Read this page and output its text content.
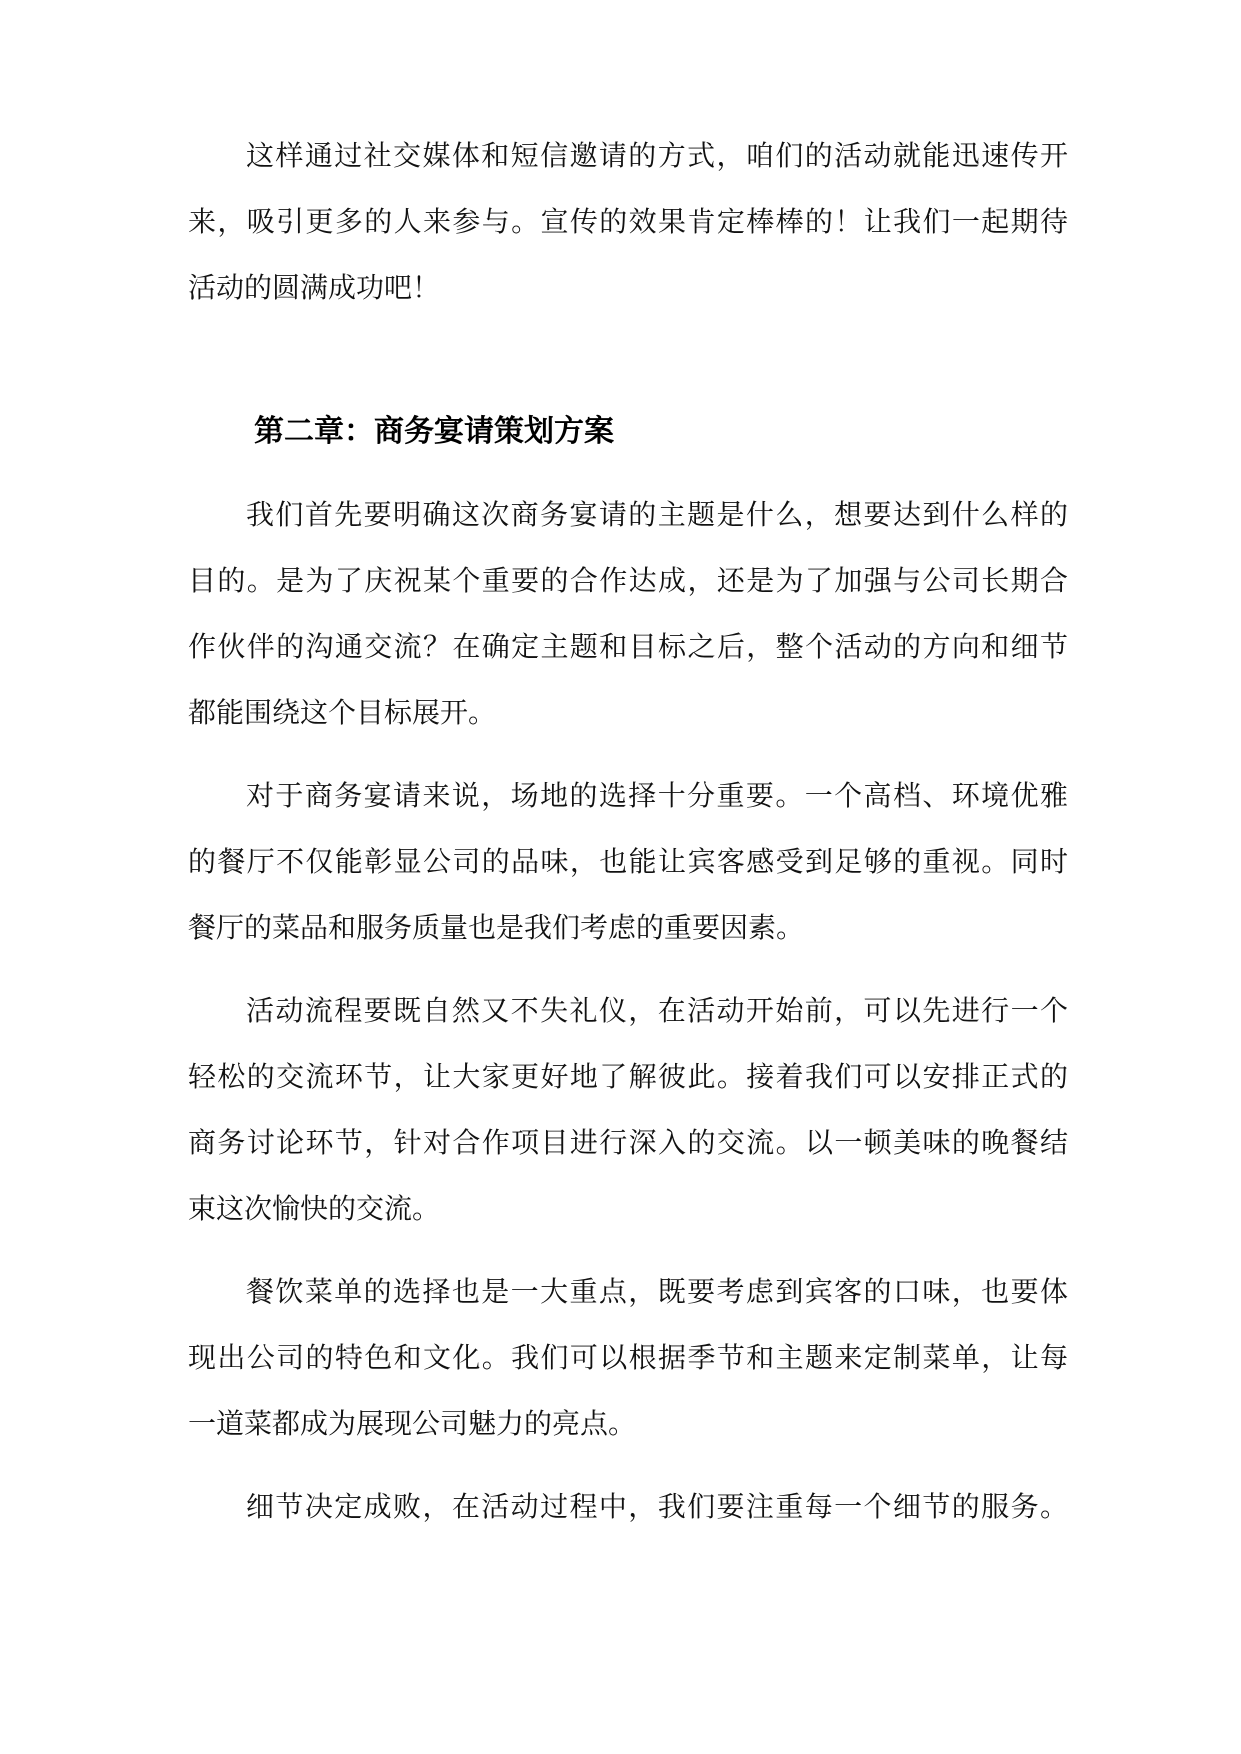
这样通过社交媒体和短信邀请的方式，咱们的活动就能迅速传开
来，吸引更多的人来参与。宣传的效果肯定棒棒的！让我们一起期待
活动的圆满成功吧！
第二章：商务宴请策划方案
我们首先要明确这次商务宴请的主题是什么，想要达到什么样的
目的。是为了庆祝某个重要的合作达成，还是为了加强与公司长期合
作伙伴的沟通交流？在确定主题和目标之后，整个活动的方向和细节
都能围绕这个目标展开。
对于商务宴请来说，场地的选择十分重要。一个高档、环境优雅
的餐厅不仅能彰显公司的品味，也能让宾客感受到足够的重视。同时
餐厅的菜品和服务质量也是我们考虑的重要因素。
活动流程要既自然又不失礼仪，在活动开始前，可以先进行一个
轻松的交流环节，让大家更好地了解彼此。接着我们可以安排正式的
商务讨论环节，针对合作项目进行深入的交流。以一顿美味的晚餐结
束这次愉快的交流。
餐饮菜单的选择也是一大重点，既要考虑到宾客的口味，也要体
现出公司的特色和文化。我们可以根据季节和主题来定制菜单，让每
一道菜都成为展现公司魅力的亮点。
细节决定成败，在活动过程中，我们要注重每一个细节的服务。
